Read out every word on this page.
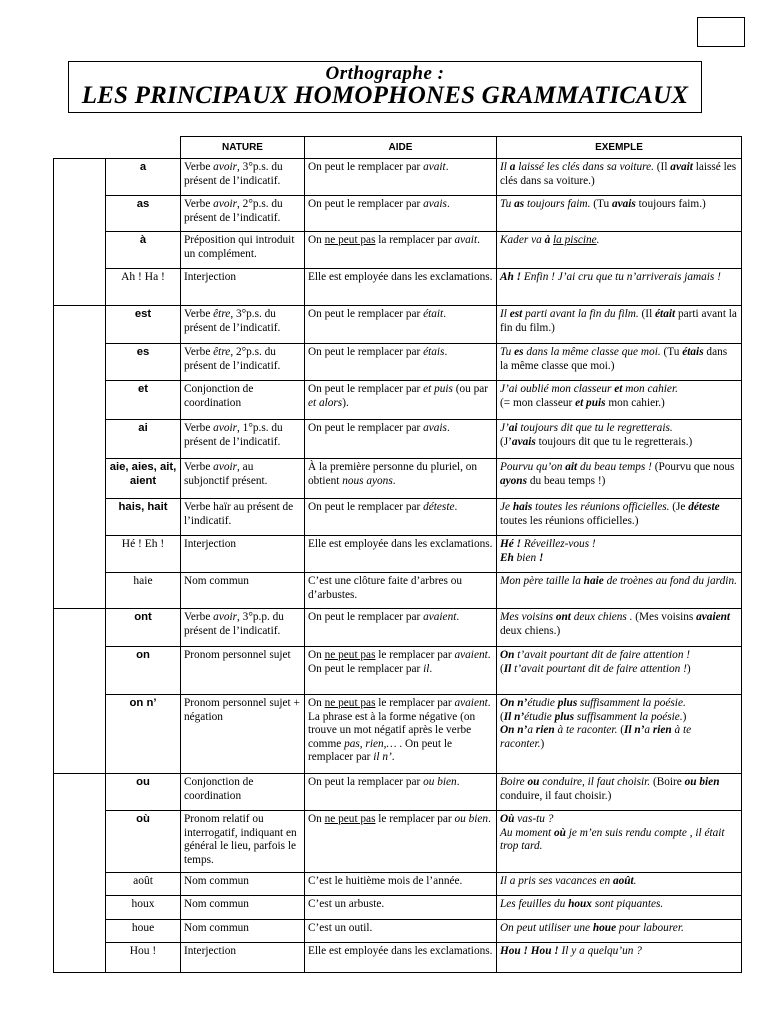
Orthographe :
LES PRINCIPAUX HOMOPHONES GRAMMATICAUX
		NATURE	AIDE	EXEMPLE
	a	Verbe avoir, 3°p.s. du présent de l’indicatif.	On peut le remplacer par avait.	Il a laissé les clés dans sa voiture. (Il avait laissé les clés dans sa voiture.)
	as	Verbe avoir, 2°p.s. du présent de l’indicatif.	On peut le remplacer par avais.	Tu as toujours faim. (Tu avais toujours faim.)
	à	Préposition qui introduit un complément.	On ne peut pas la remplacer par avait.	Kader va à la piscine.
	Ah ! Ha !	Interjection	Elle est employée dans les exclamations.	Ah ! Enfin ! J’ai cru que tu n’arriverais jamais !
	est	Verbe être, 3°p.s. du présent de l’indicatif.	On peut le remplacer par était.	Il est parti avant la fin du film. (Il était parti avant la fin du film.)
	es	Verbe être, 2°p.s. du présent de l’indicatif.	On peut le remplacer par étais.	Tu es dans la même classe que moi. (Tu étais dans la même classe que moi.)
	et	Conjonction de coordination	On peut le remplacer par et puis (ou par et alors).	J’ai oublié mon classeur et mon cahier.
(= mon classeur et puis mon cahier.)
	ai	Verbe avoir, 1°p.s. du présent de l’indicatif.	On peut le remplacer par avais.	J’ai toujours dit que tu le regretterais.
(J’avais toujours dit que tu le regretterais.)
	aie, aies, ait, aient	Verbe avoir, au subjonctif présent.	À la première personne du pluriel, on obtient nous ayons.	Pourvu qu’on ait du beau temps ! (Pourvu que nous ayons du beau temps !)
	hais, hait	Verbe haïr au présent de l’indicatif.	On peut le remplacer par déteste.	Je hais toutes les réunions officielles. (Je déteste toutes les réunions officielles.)
	Hé ! Eh !	Interjection	Elle est employée dans les exclamations.	Hé ! Réveillez-vous !
Eh bien !
	haie	Nom commun	C’est une clôture faite d’arbres ou d’arbustes.	Mon père taille la haie de troènes au fond du jardin.
	ont	Verbe avoir, 3°p.p. du présent de l’indicatif.	On peut le remplacer par avaient.	Mes voisins ont deux chiens . (Mes voisins avaient deux chiens.)
	on	Pronom personnel sujet	On ne peut pas le remplacer par avaient. On peut le remplacer par il.	On t’avait pourtant dit de faire attention !
(Il t’avait pourtant dit de faire attention !)
	on n’	Pronom personnel sujet + négation	On ne peut pas le remplacer par avaient. La phrase est à la forme négative (on trouve un mot négatif après le verbe comme pas, rien,… . On peut le remplacer par il n’.	On n’étudie plus suffisamment la poésie.
(Il n’étudie plus suffisamment la poésie.)
On n’a rien à te raconter. (Il n’a rien à te raconter.)
	ou	Conjonction de coordination	On peut la remplacer par ou bien.	Boire ou conduire, il faut choisir. (Boire ou bien conduire, il faut choisir.)
	où	Pronom relatif ou interrogatif, indiquant en général le lieu, parfois le temps.	On ne peut pas le remplacer par ou bien.	Où vas-tu ?
Au moment où je m’en suis rendu compte , il était trop tard.
	août	Nom commun	C’est le huitième mois de l’année.	Il a pris ses vacances en août.
	houx	Nom commun	C’est un arbuste.	Les feuilles du houx sont piquantes.
	houe	Nom commun	C’est un outil.	On peut utiliser une houe pour labourer.
	Hou !	Interjection	Elle est employée dans les exclamations.	Hou ! Hou ! Il y a quelqu’un ?
